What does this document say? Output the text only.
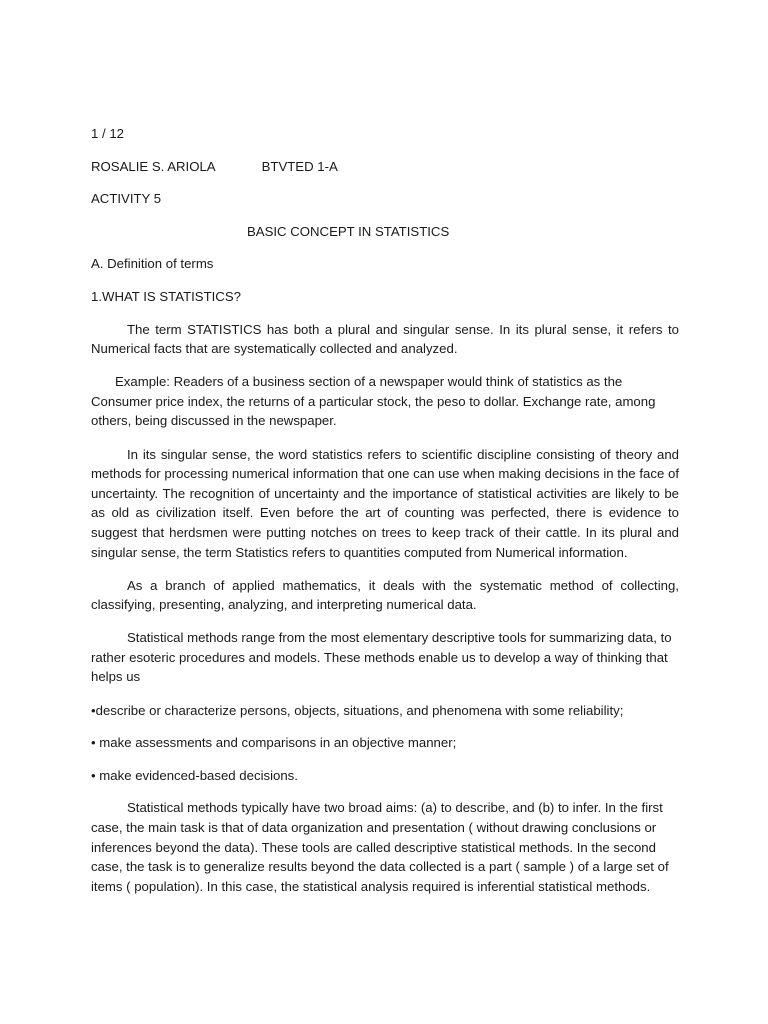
1 / 12

ROSALIE S. ARIOLA	BTVTED 1-A

ACTIVITY 5

BASIC CONCEPT IN STATISTICS

A. Definition of terms

1.WHAT IS STATISTICS?

The term STATISTICS has both a plural and singular sense. In its plural sense, it refers to Numerical facts that are systematically collected and analyzed.

Example: Readers of a business section of a newspaper would think of statistics as the      Consumer price index, the returns of a particular stock, the peso to dollar. Exchange rate, among others, being discussed in the newspaper.

In its singular sense, the word statistics refers to scientific discipline consisting of theory and methods for processing numerical information that one can use when making decisions in the face of uncertainty. The recognition of uncertainty and the importance of statistical activities are likely to be as old as civilization itself. Even before the art of counting was perfected, there is evidence to suggest that herdsmen were putting notches on trees to keep track of their cattle. In its plural and singular sense, the term Statistics refers to quantities computed from Numerical information.

As a branch of applied mathematics, it deals with the systematic method of collecting, classifying, presenting, analyzing, and interpreting numerical data.

Statistical methods range from the most elementary descriptive tools for summarizing data, to rather esoteric procedures and models. These methods enable us to develop a way of thinking that helps us

•describe or characterize persons, objects, situations, and phenomena with some reliability;

• make assessments and comparisons in an objective manner;

• make evidenced-based decisions.

Statistical methods typically have two broad aims: (a) to describe, and (b) to infer. In the first case, the main task is that of data organization and presentation ( without drawing conclusions or inferences beyond the data). These tools are called descriptive statistical methods. In the second case, the task is to generalize results beyond the data collected is a part ( sample ) of a large set of items ( population). In this case, the statistical analysis required is inferential statistical methods.
